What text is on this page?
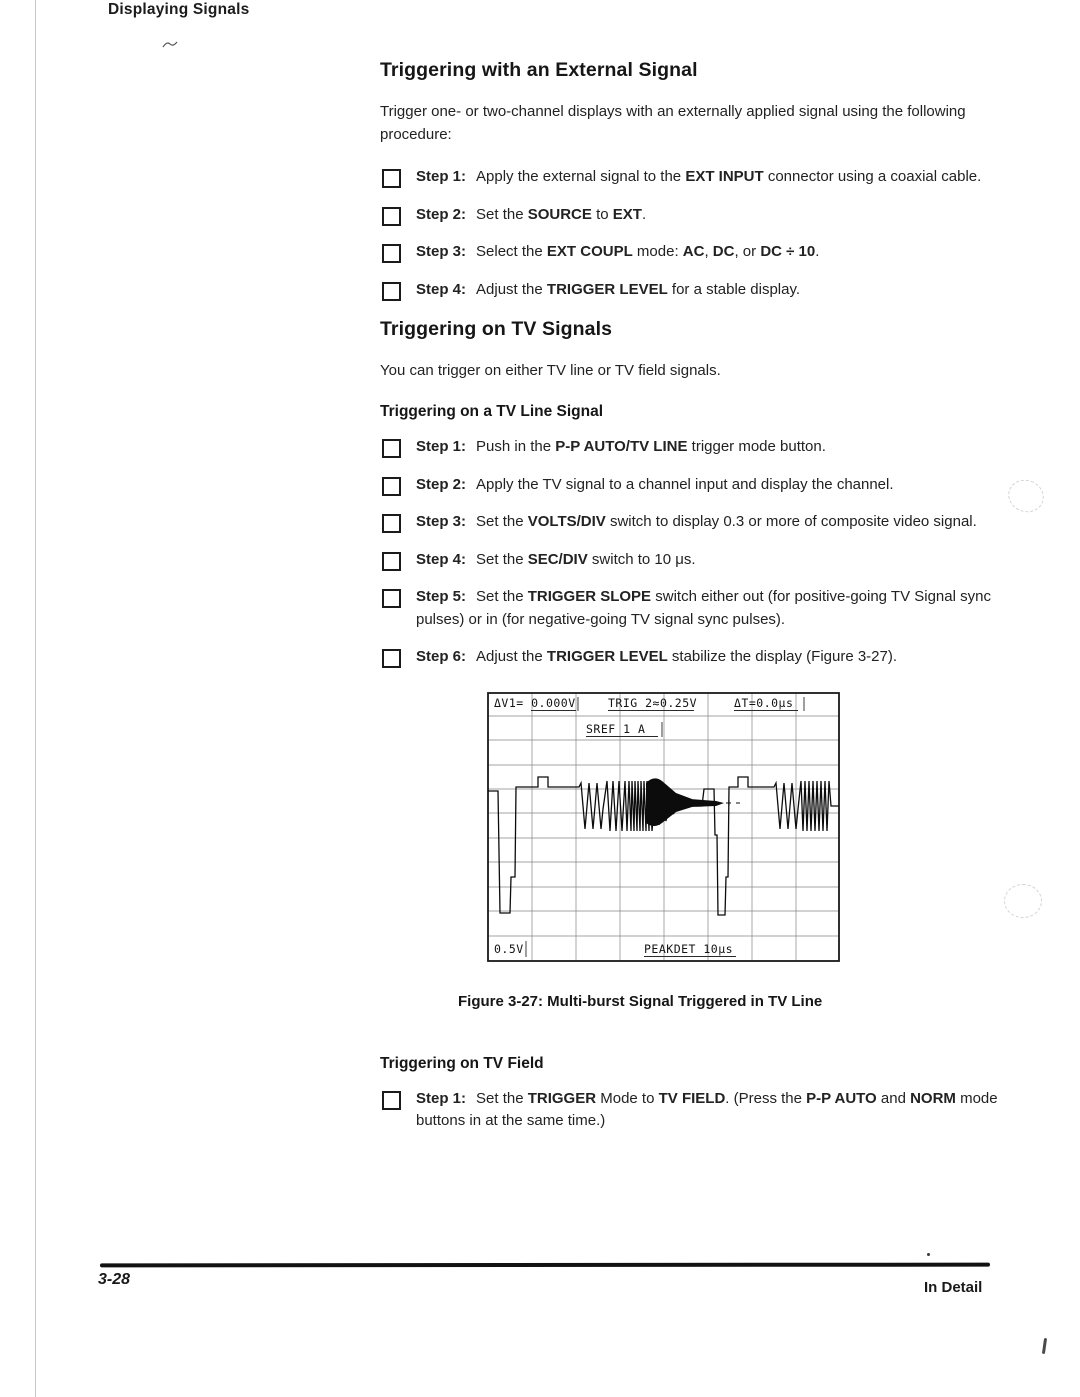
Displaying Signals
Triggering with an External Signal

Trigger one- or two-channel displays with an externally applied signal using the following procedure:

Step 1: Apply the external signal to the EXT INPUT connector using a coaxial cable.
Step 2: Set the SOURCE to EXT.
Step 3: Select the EXT COUPL mode: AC, DC, or DC ÷ 10.
Step 4: Adjust the TRIGGER LEVEL for a stable display.
Triggering on TV Signals

You can trigger on either TV line or TV field signals.

Triggering on a TV Line Signal
Step 1: Push in the P-P AUTO/TV LINE trigger mode button.
Step 2: Apply the TV signal to a channel input and display the channel.
Step 3: Set the VOLTS/DIV switch to display 0.3 or more of composite video signal.
Step 4: Set the SEC/DIV switch to 10 μs.
Step 5: Set the TRIGGER SLOPE switch either out (for positive-going TV Signal sync pulses) or in (for negative-going TV signal sync pulses).
Step 6: Adjust the TRIGGER LEVEL stabilize the display (Figure 3-27).
ΔV1= 0.000V	TRIG 2≈0.25V	ΔT=0.0μs
SREF 1 A
0.5V	PEAKDET 10μs
Figure 3-27: Multi-burst Signal Triggered in TV Line
Triggering on TV Field
Step 1: Set the TRIGGER Mode to TV FIELD. (Press the P-P AUTO and NORM mode buttons in at the same time.)
3-28	In Detail
